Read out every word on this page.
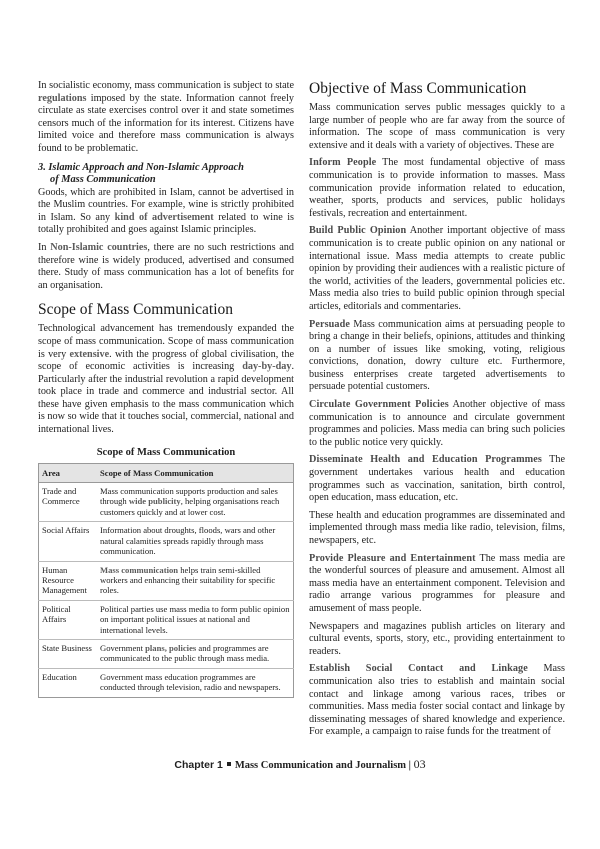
In socialistic economy, mass communication is subject to state regulations imposed by the state. Information cannot freely circulate as state exercises control over it and state sometimes censors much of the information for its interest. Citizens have limited voice and therefore mass communication is always found to be problematic.

3. Islamic Approach and Non-Islamic Approach
of Mass Communication

Goods, which are prohibited in Islam, cannot be advertised in the Muslim countries. For example, wine is strictly prohibited in Islam. So any kind of advertisement related to wine is totally prohibited and goes against Islamic principles.

In Non-Islamic countries, there are no such restrictions and therefore wine is widely produced, advertised and consumed there. Study of mass communication has a lot of benefits for an organisation.

Scope of Mass Communication

Technological advancement has tremendously expanded the scope of mass communication. Scope of mass communication is very extensive. with the progress of global civilisation, the scope of economic activities is increasing day-by-day. Particularly after the industrial revolution a rapid development took place in trade and commerce and industrial sector. All these have given emphasis to the mass communication which is now so wide that it touches social, commercial, national and international lives.

Scope of Mass Communication
Area	Scope of Mass Communication
Trade and Commerce	Mass communication supports production and sales through wide publicity, helping organisations reach customers quickly and at lower cost.
Social Affairs	Information about droughts, floods, wars and other natural calamities spreads rapidly through mass communication.
Human Resource Management	Mass communication helps train semi-skilled workers and enhancing their suitability for specific roles.
Political Affairs	Political parties use mass media to form public opinion on important political issues at national and international levels.
State Business	Government plans, policies and programmes are communicated to the public through mass media.
Education	Government mass education programmes are conducted through television, radio and newspapers.
Objective of Mass Communication

Mass communication serves public messages quickly to a large number of people who are far away from the source of information. The scope of mass communication is very extensive and it deals with a variety of objectives. These are

Inform People The most fundamental objective of mass communication is to provide information to masses. Mass communication provide information related to education, weather, sports, products and services, public holidays festivals, recreation and entertainment.

Build Public Opinion Another important objective of mass communication is to create public opinion on any national or international issue. Mass media attempts to create public opinion by providing their audiences with a realistic picture of the world, activities of the leaders, governmental policies etc. Mass media also tries to build public opinion through special articles, editorials and commentaries.

Persuade Mass communication aims at persuading people to bring a change in their beliefs, opinions, attitudes and thinking on a number of issues like smoking, voting, religious convictions, donation, dowry culture etc. Furthermore, business enterprises create targeted advertisements to persuade potential customers.

Circulate Government Policies Another objective of mass communication is to announce and circulate government programmes and policies. Mass media can bring such policies to the public notice very quickly.

Disseminate Health and Education Programmes The government undertakes various health and education programmes such as vaccination, sanitation, birth control, open education, mass education, etc.

These health and education programmes are disseminated and implemented through mass media like radio, television, films, newspapers, etc.

Provide Pleasure and Entertainment The mass media are the wonderful sources of pleasure and amusement. Almost all mass media have an entertainment component. Television and radio arrange various programmes for pleasure and amusement of mass people.

Newspapers and magazines publish articles on literary and cultural events, sports, story, etc., providing entertainment to readers.

Establish Social Contact and Linkage Mass communication also tries to establish and maintain social contact and linkage among various races, tribes or communities. Mass media foster social contact and linkage by disseminating messages of shared knowledge and experience. For example, a campaign to raise funds for the treatment of

Chapter 1 Mass Communication and Journalism | 03
